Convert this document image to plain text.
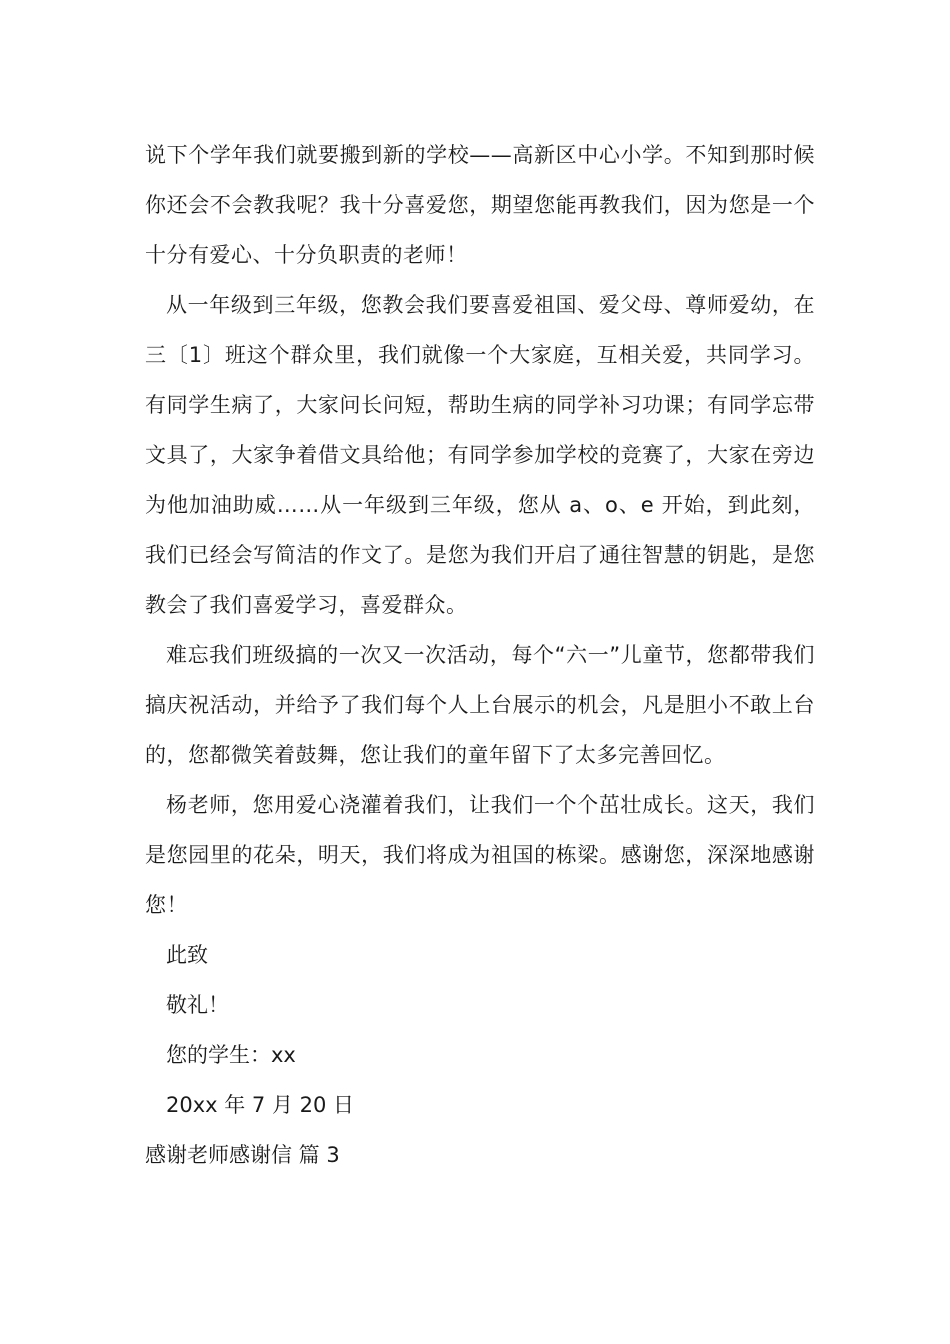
说下个学年我们就要搬到新的学校——高新区中心小学。不知到那时候你还会不会教我呢？我十分喜爱您，期望您能再教我们，因为您是一个十分有爱心、十分负职责的老师！

从一年级到三年级，您教会我们要喜爱祖国、爱父母、尊师爱幼，在三〔1〕班这个群众里，我们就像一个大家庭，互相关爱，共同学习。有同学生病了，大家问长问短，帮助生病的同学补习功课；有同学忘带文具了，大家争着借文具给他；有同学参加学校的竞赛了，大家在旁边为他加油助威……从一年级到三年级，您从 a、o、e 开始，到此刻，我们已经会写简洁的作文了。是您为我们开启了通往智慧的钥匙，是您教会了我们喜爱学习，喜爱群众。

难忘我们班级搞的一次又一次活动，每个“六一”儿童节，您都带我们搞庆祝活动，并给予了我们每个人上台展示的机会，凡是胆小不敢上台的，您都微笑着鼓舞，您让我们的童年留下了太多完善回忆。

杨老师，您用爱心浇灌着我们，让我们一个个茁壮成长。这天，我们是您园里的花朵，明天，我们将成为祖国的栋梁。感谢您，深深地感谢您！

此致

敬礼！

您的学生：xx

20xx 年 7 月 20 日

感谢老师感谢信 篇 3
